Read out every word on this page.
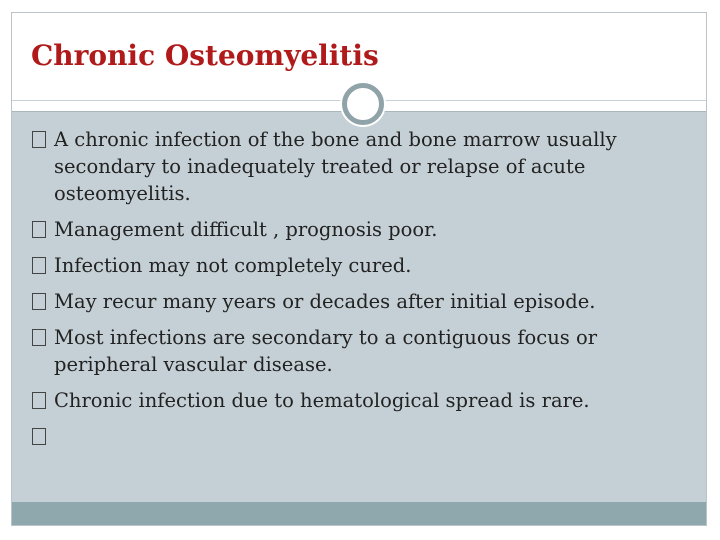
Chronic Osteomyelitis
A chronic infection of the bone and bone marrow usually secondary to inadequately treated or relapse of acute osteomyelitis.
Management difficult , prognosis poor.
Infection may not completely cured.
May recur many years or decades after initial episode.
Most infections are secondary to a contiguous focus or peripheral vascular disease.
Chronic infection due to hematological spread is rare.
